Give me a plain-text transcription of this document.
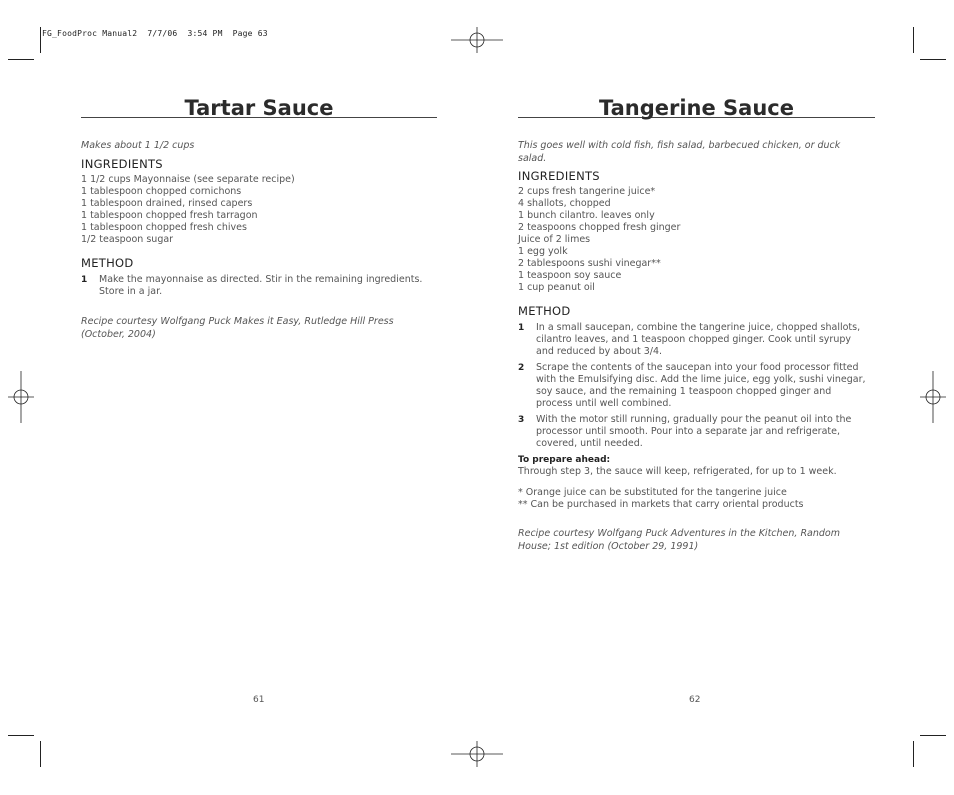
FG_FoodProc Manual2  7/7/06  3:54 PM  Page 63
Tartar Sauce
Makes about 1 1/2 cups
INGREDIENTS
1 1/2 cups Mayonnaise (see separate recipe)
1 tablespoon chopped cornichons
1 tablespoon drained, rinsed capers
1 tablespoon chopped fresh tarragon
1 tablespoon chopped fresh chives
1/2 teaspoon sugar
METHOD
1 Make the mayonnaise as directed. Stir in the remaining ingredients.
Store in a jar.
Recipe courtesy Wolfgang Puck Makes it Easy, Rutledge Hill Press
(October, 2004)
61
Tangerine Sauce
This goes well with cold fish, fish salad, barbecued chicken, or duck
salad.
INGREDIENTS
2 cups fresh tangerine juice*
4 shallots, chopped
1 bunch cilantro. leaves only
2 teaspoons chopped fresh ginger
Juice of 2 limes
1 egg yolk
2 tablespoons sushi vinegar**
1 teaspoon soy sauce
1 cup peanut oil
METHOD
1 In a small saucepan, combine the tangerine juice, chopped shallots,
cilantro leaves, and 1 teaspoon chopped ginger. Cook until syrupy
and reduced by about 3/4.
2 Scrape the contents of the saucepan into your food processor fitted
with the Emulsifying disc. Add the lime juice, egg yolk, sushi vinegar,
soy sauce, and the remaining 1 teaspoon chopped ginger and
process until well combined.
3 With the motor still running, gradually pour the peanut oil into the
processor until smooth. Pour into a separate jar and refrigerate,
covered, until needed.
To prepare ahead:
Through step 3, the sauce will keep, refrigerated, for up to 1 week.
* Orange juice can be substituted for the tangerine juice
** Can be purchased in markets that carry oriental products
Recipe courtesy Wolfgang Puck Adventures in the Kitchen, Random
House; 1st edition (October 29, 1991)
62
